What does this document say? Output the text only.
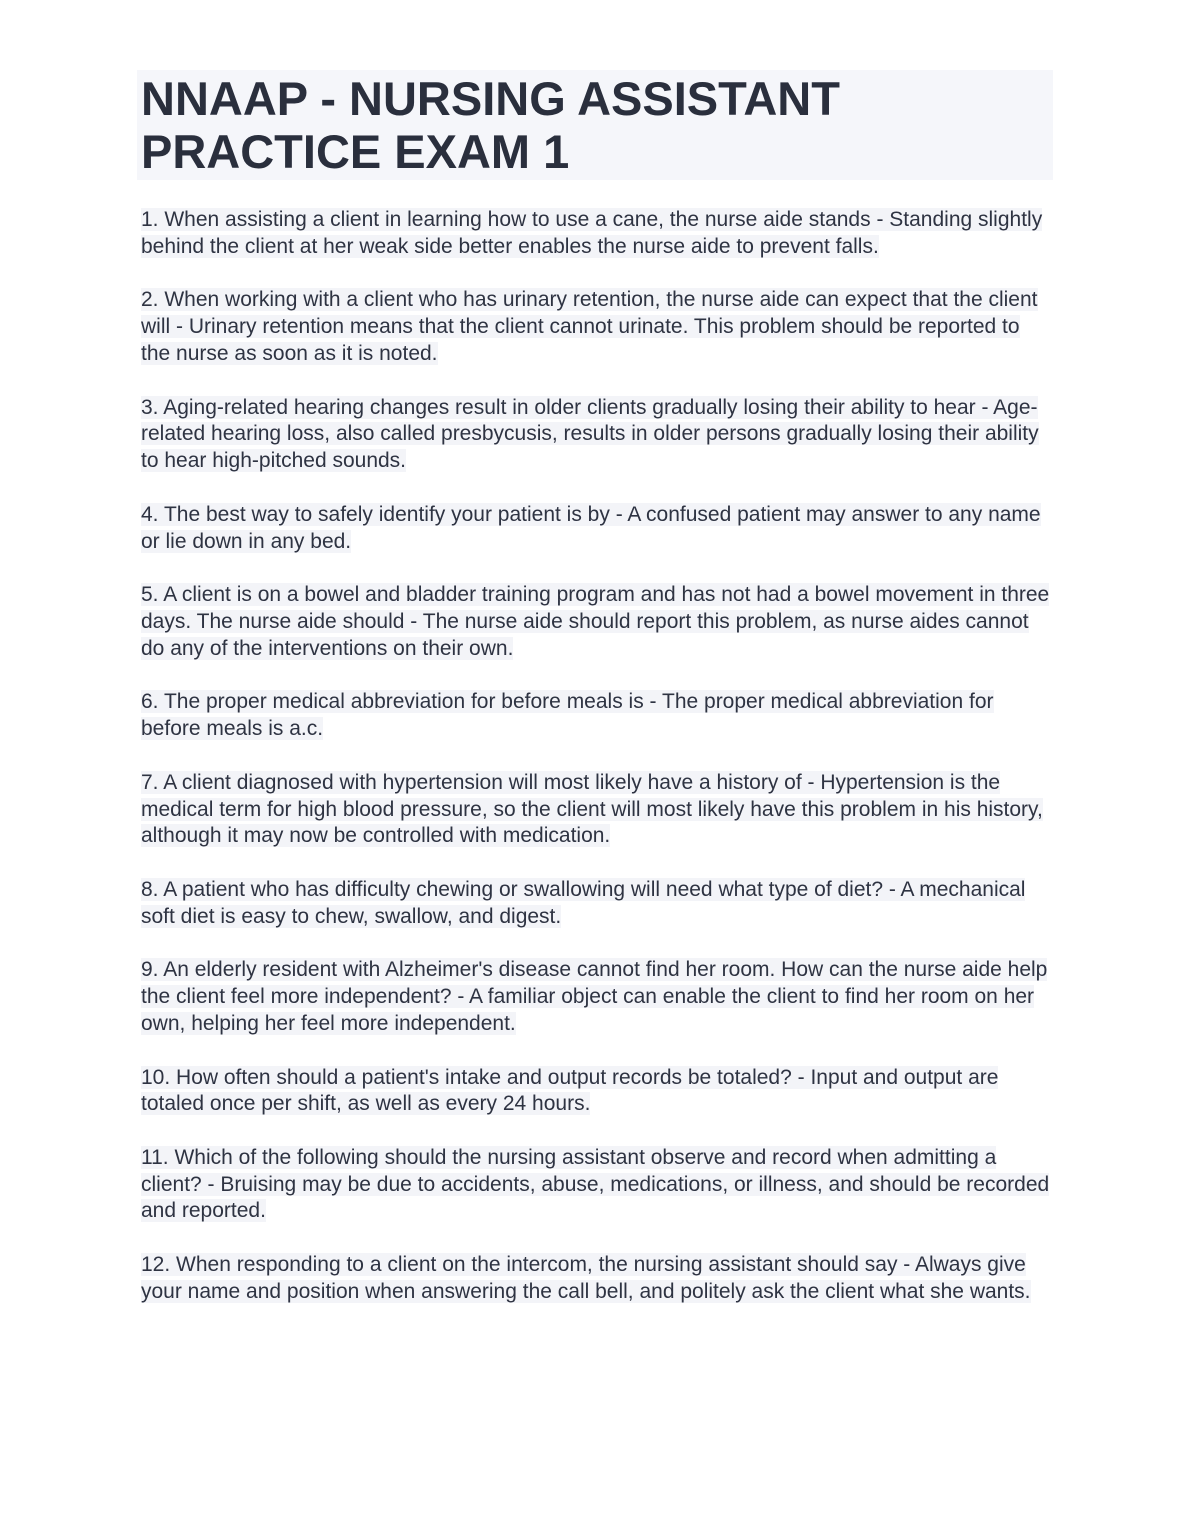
NNAAP - NURSING ASSISTANT PRACTICE EXAM 1

1. When assisting a client in learning how to use a cane, the nurse aide stands - Standing slightly behind the client at her weak side better enables the nurse aide to prevent falls.

2. When working with a client who has urinary retention, the nurse aide can expect that the client will - Urinary retention means that the client cannot urinate. This problem should be reported to the nurse as soon as it is noted.

3. Aging-related hearing changes result in older clients gradually losing their ability to hear - Age-related hearing loss, also called presbycusis, results in older persons gradually losing their ability to hear high-pitched sounds.

4. The best way to safely identify your patient is by - A confused patient may answer to any name or lie down in any bed.

5. A client is on a bowel and bladder training program and has not had a bowel movement in three days. The nurse aide should - The nurse aide should report this problem, as nurse aides cannot do any of the interventions on their own.

6. The proper medical abbreviation for before meals is - The proper medical abbreviation for before meals is a.c.

7. A client diagnosed with hypertension will most likely have a history of - Hypertension is the medical term for high blood pressure, so the client will most likely have this problem in his history, although it may now be controlled with medication.

8. A patient who has difficulty chewing or swallowing will need what type of diet? - A mechanical soft diet is easy to chew, swallow, and digest.

9. An elderly resident with Alzheimer's disease cannot find her room. How can the nurse aide help the client feel more independent? - A familiar object can enable the client to find her room on her own, helping her feel more independent.

10. How often should a patient's intake and output records be totaled? - Input and output are totaled once per shift, as well as every 24 hours.

11. Which of the following should the nursing assistant observe and record when admitting a client? - Bruising may be due to accidents, abuse, medications, or illness, and should be recorded and reported.

12. When responding to a client on the intercom, the nursing assistant should say - Always give your name and position when answering the call bell, and politely ask the client what she wants.
